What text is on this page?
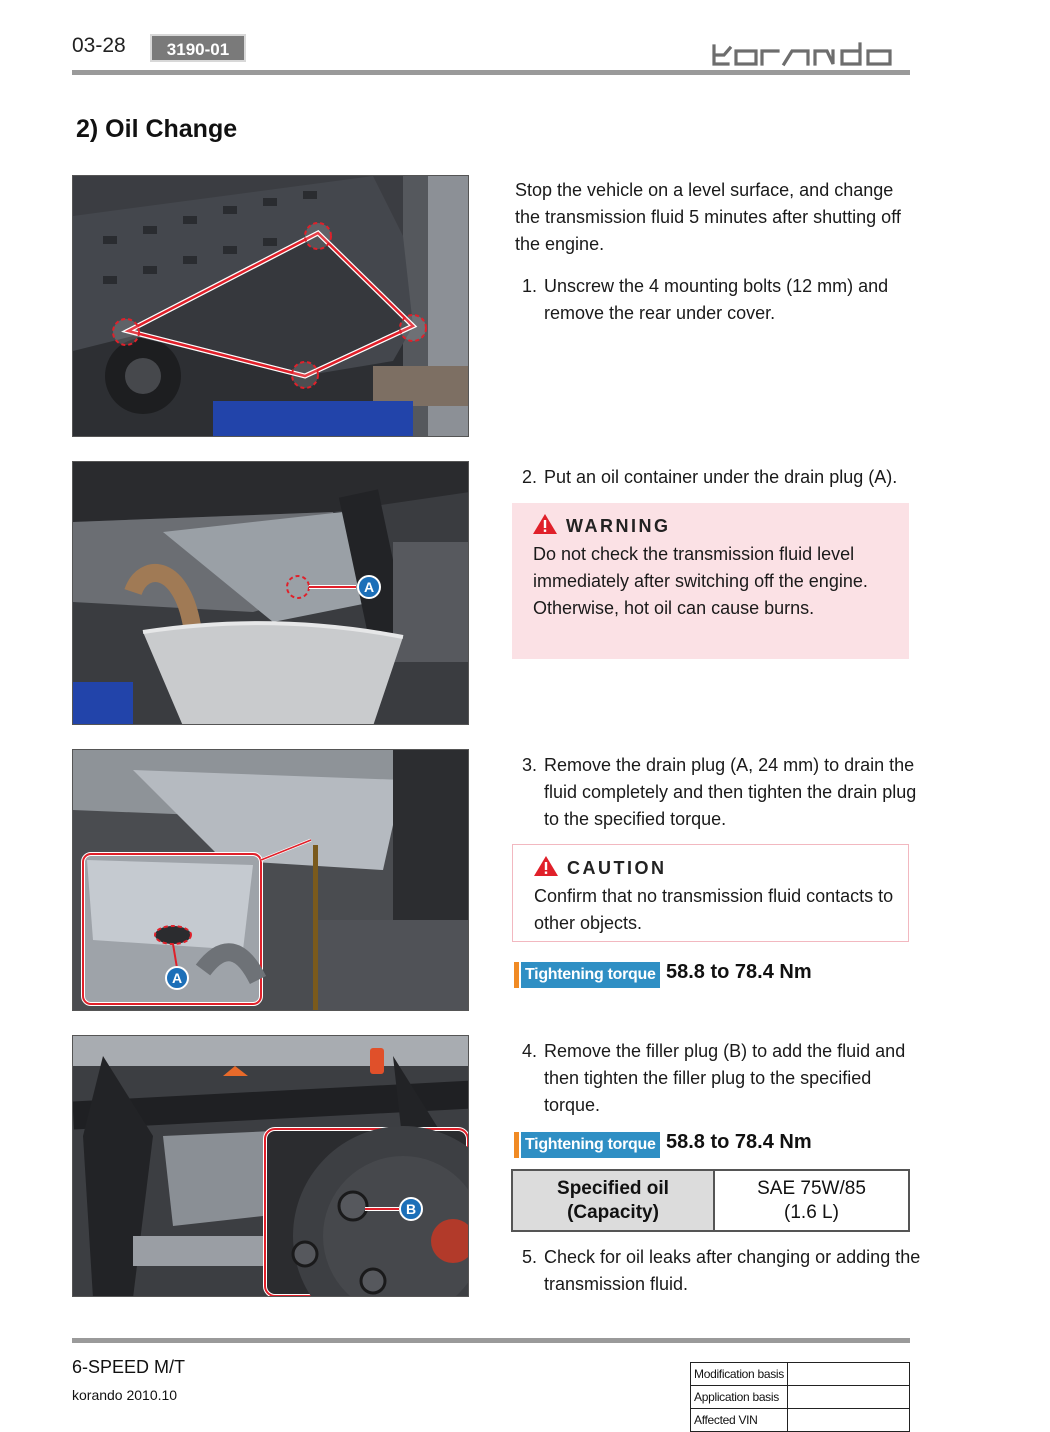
03-28	3190-01
2) Oil Change
Stop the vehicle on a level surface, and change the transmission fluid 5 minutes after shutting off the engine.
1. Unscrew the 4 mounting bolts (12 mm) and remove the rear under cover.
A
2. Put an oil container under the drain plug (A).
WARNING
Do not check the transmission fluid level immediately after switching off the engine. Otherwise, hot oil can cause burns.
A
3. Remove the drain plug (A, 24 mm) to drain the fluid completely and then tighten the drain plug to the specified torque.
CAUTION
Confirm that no transmission fluid contacts to other objects.
Tightening torque 58.8 to 78.4 Nm
B
4. Remove the filler plug (B) to add the fluid and then tighten the filler plug to the specified torque.
Tightening torque 58.8 to 78.4 Nm
Specified oil
(Capacity)

SAE 75W/85
(1.6 L)
5. Check for oil leaks after changing or adding the transmission fluid.
6-SPEED M/T
korando 2010.10
Modification basis	
Application basis	
Affected VIN	
